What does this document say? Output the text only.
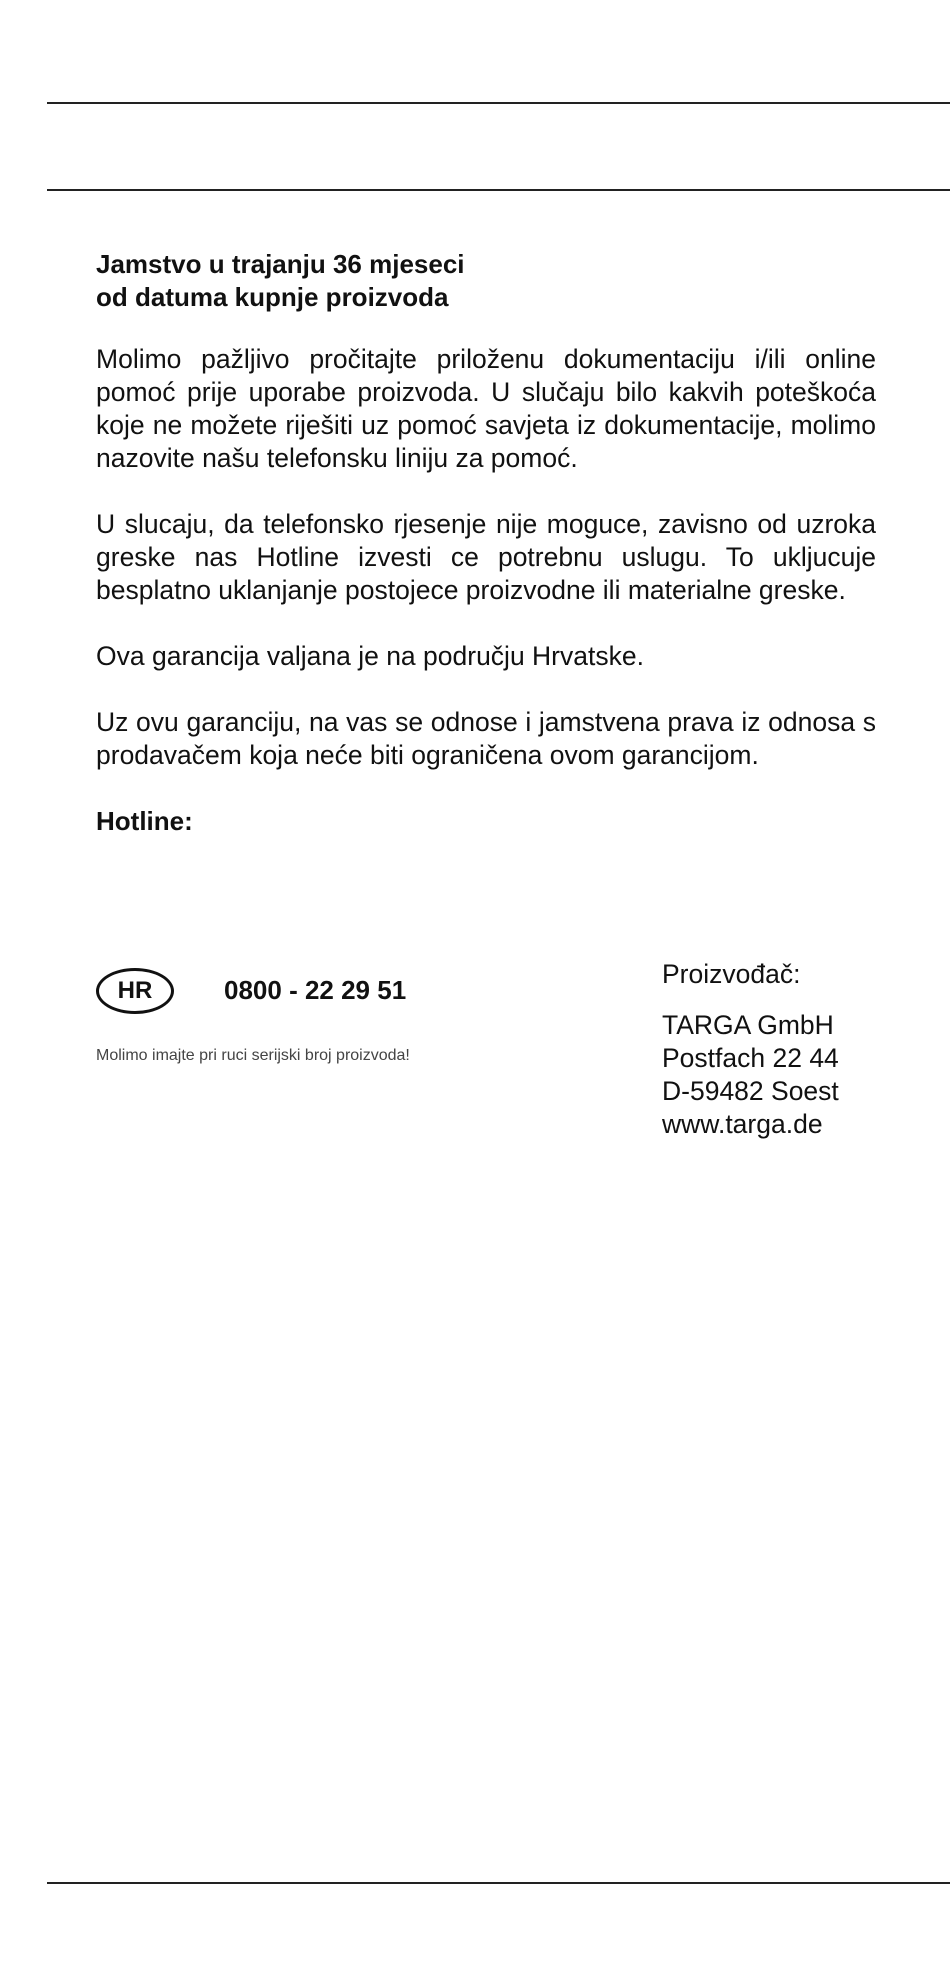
Jamstvo u trajanju 36 mjeseci
od datuma kupnje proizvoda

Molimo pažljivo pročitajte priloženu dokumentaciju i/ili online pomoć prije uporabe proizvoda. U slučaju bilo kakvih poteškoća koje ne možete riješiti uz pomoć savjeta iz dokumentacije, molimo nazovite našu telefonsku liniju za pomoć.

U slucaju, da telefonsko rjesenje nije moguce, zavisno od uzroka greske nas Hotline izvesti ce potrebnu uslugu. To ukljucuje besplatno uklanjanje postojece proizvodne ili materialne greske.

Ova garancija valjana je na području Hrvatske.

Uz ovu garanciju, na vas se odnose i jamstvena prava iz odnosa s prodavačem koja neće biti ograničena ovom garancijom.

Hotline:

HR	0800 - 22 29 51
Molimo imajte pri ruci serijski broj proizvoda!
Proizvođač:
TARGA GmbH
Postfach 22 44
D-59482 Soest
www.targa.de
